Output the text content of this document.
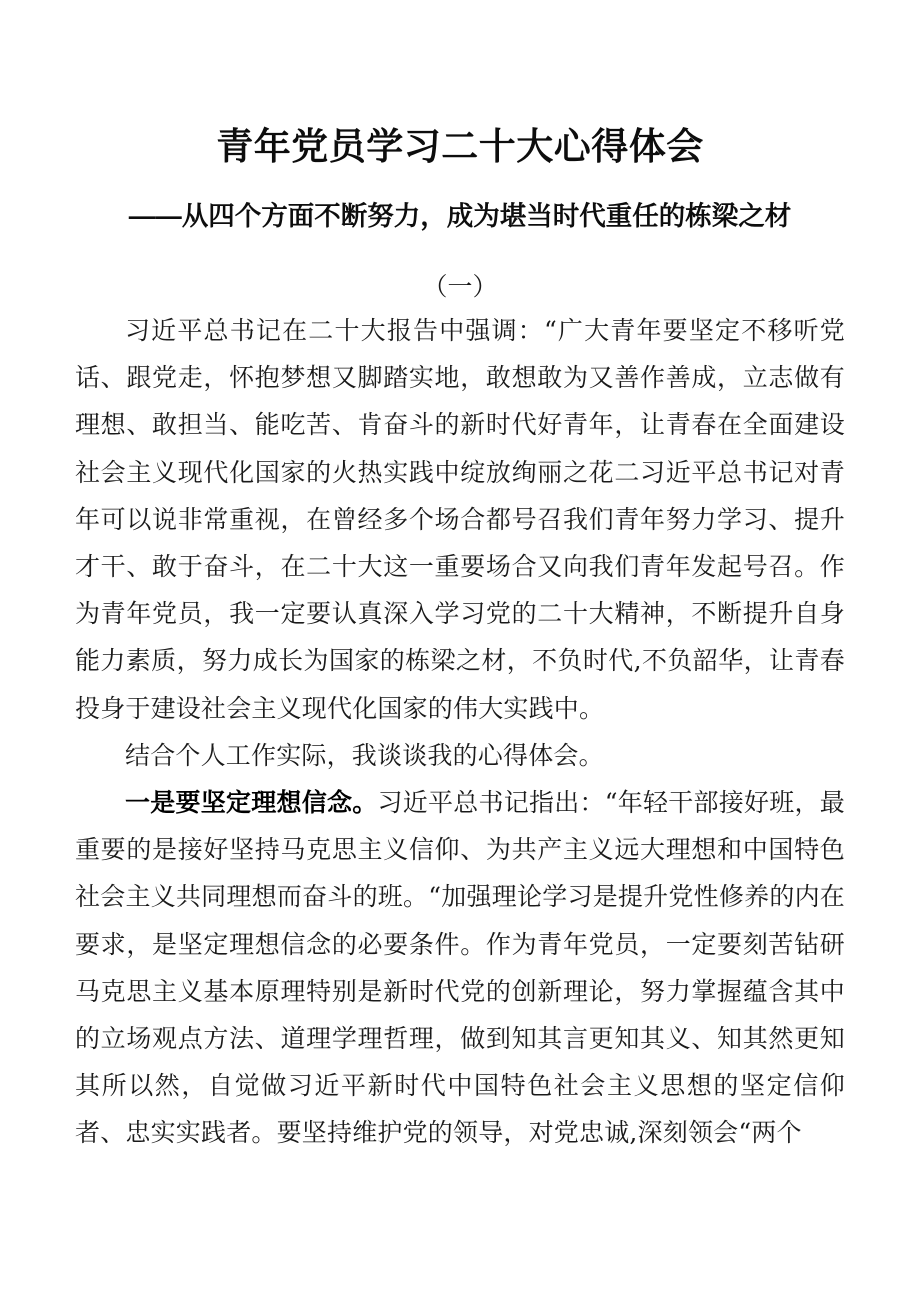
青年党员学习二十大心得体会
——从四个方面不断努力，成为堪当时代重任的栋梁之材

（一）

习近平总书记在二十大报告中强调：“广大青年要坚定不移听党话、跟党走，怀抱梦想又脚踏实地，敢想敢为又善作善成，立志做有理想、敢担当、能吃苦、肯奋斗的新时代好青年，让青春在全面建设社会主义现代化国家的火热实践中绽放绚丽之花二习近平总书记对青年可以说非常重视，在曾经多个场合都号召我们青年努力学习、提升才干、敢于奋斗，在二十大这一重要场合又向我们青年发起号召。作为青年党员，我一定要认真深入学习党的二十大精神，不断提升自身能力素质，努力成长为国家的栋梁之材，不负时代,不负韶华，让青春投身于建设社会主义现代化国家的伟大实践中。

结合个人工作实际，我谈谈我的心得体会。

一是要坚定理想信念。习近平总书记指出：“年轻干部接好班，最重要的是接好坚持马克思主义信仰、为共产主义远大理想和中国特色社会主义共同理想而奋斗的班。“加强理论学习是提升党性修养的内在要求，是坚定理想信念的必要条件。作为青年党员，一定要刻苦钻研马克思主义基本原理特别是新时代党的创新理论，努力掌握蕴含其中的立场观点方法、道理学理哲理，做到知其言更知其义、知其然更知其所以然，自觉做习近平新时代中国特色社会主义思想的坚定信仰者、忠实实践者。要坚持维护党的领导，对党忠诚,深刻领会“两个
